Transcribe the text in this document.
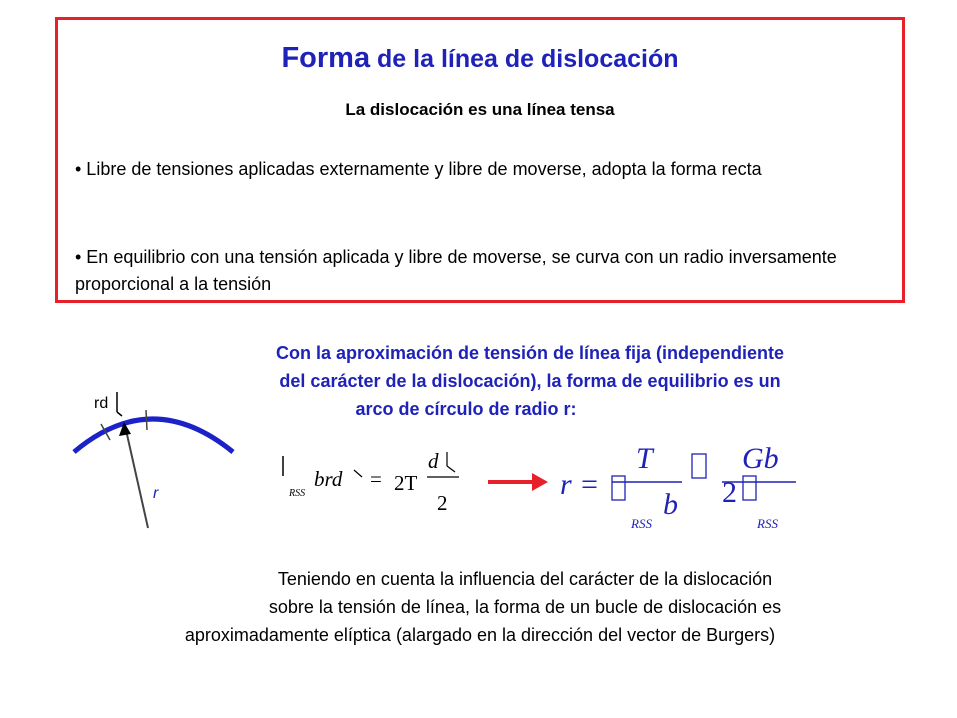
Forma de la línea de dislocación
La dislocación es una línea tensa
• Libre de tensiones aplicadas externamente y libre de moverse, adopta la forma recta
• En equilibrio con una tensión aplicada y libre de moverse, se curva con un radio inversamente proporcional a la tensión
Con la aproximación de tensión de línea fija (independiente
del carácter de la dislocación), la forma de equilibrio es un
arco de círculo de radio r:
rd
r	RSS
brd = 2T
d
2
r =
T
b
RSS
Gb
2
RSS
Teniendo en cuenta la influencia del carácter de la dislocación
sobre la tensión de línea, la forma de un bucle de dislocación es
aproximadamente elíptica (alargado en la dirección del vector de Burgers)
